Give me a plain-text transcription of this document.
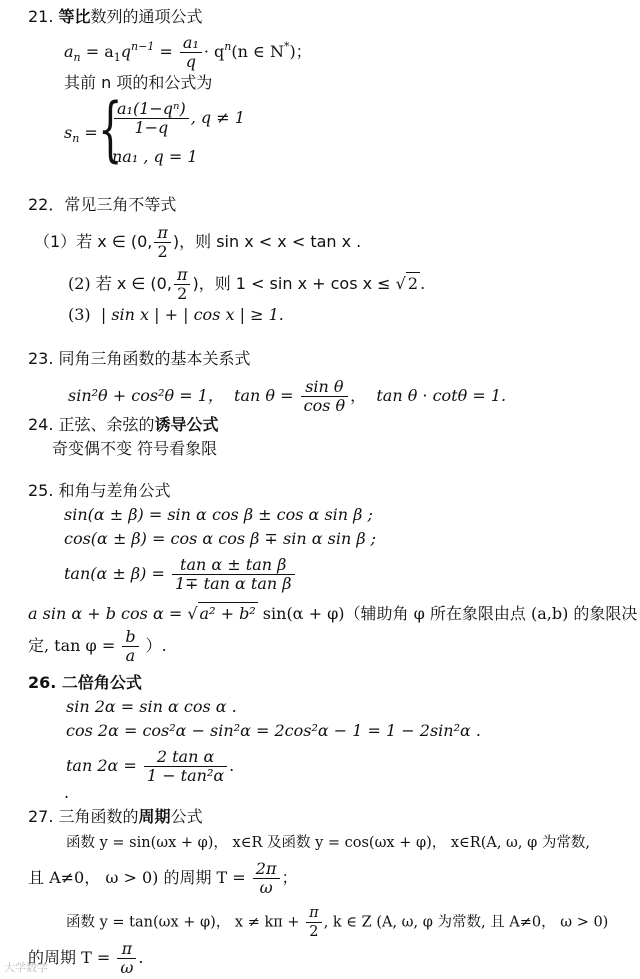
21. 等比数列的通项公式
$a_n = a_1q^{n-1} = \frac{\text{a₁}}{q} \cdot q^n(n$ ∈ N*)；
其前 n 项的和公式为
$s_n$ = {
$\frac{\text{a₁(1−qⁿ)}}{1-q}$ , q ≠ 1
na₁ , q = 1
22．常见三角不等式
（1）若 x ∈ (0, $\frac{\pi}{2}$ )，则 sin x < x < tan x .
(2) 若 x ∈ (0, $\frac{\pi}{2}$ )，则 1 < sin x + cos x ≤ √ 2 .
(3) | sin x | + | cos x | ≥ 1.
23. 同角三角函数的基本关系式
sin²θ + cos²θ = 1， $\tan \theta = \frac{\text{sin θ}}{\text{cos θ}}$ ， tan θ · cotθ = 1.
24. 正弦、余弦的诱导公式
奇变偶不变 符号看象限
25. 和角与差角公式
sin(α ± β) = sin α cos β ± cos α sin β ;
cos(α ± β) = cos α cos β ∓ sin α sin β ;
$\tan(\alpha \pm \beta) = \frac{\text{tan α ± tan β}}{\text{1∓ tan α tan β}}$
a sin α + b cos α = √ a² + b² sin(α + φ)（辅助角 φ 所在象限由点 (a,b) 的象限决
定, $\tan \varphi = \frac{b}{a}$ ）.
26. 二倍角公式
sin 2α = sin α cos α .
cos 2α = cos²α − sin²α = 2cos²α − 1 = 1 − 2sin²α .
$\tan 2\alpha = \frac{\text{2 tan α}}{\text{1 − tan²α}}$ .
.
27. 三角函数的周期公式
函数 y = sin(ωx + φ)， x∈R 及函数 y = cos(ωx + φ)， x∈R(A, ω, φ 为常数,
且 A≠0， ω > 0) 的周期 $T = \frac{2\pi}{\omega}$ ；
函数 y = tan(ωx + φ)， $x \ne k\pi + \frac{\pi}{2}$ , k ∈ Z (A, ω, φ 为常数, 且 A≠0， ω > 0)
的周期 $T = \frac{\pi}{\omega}$ .
大学数学
